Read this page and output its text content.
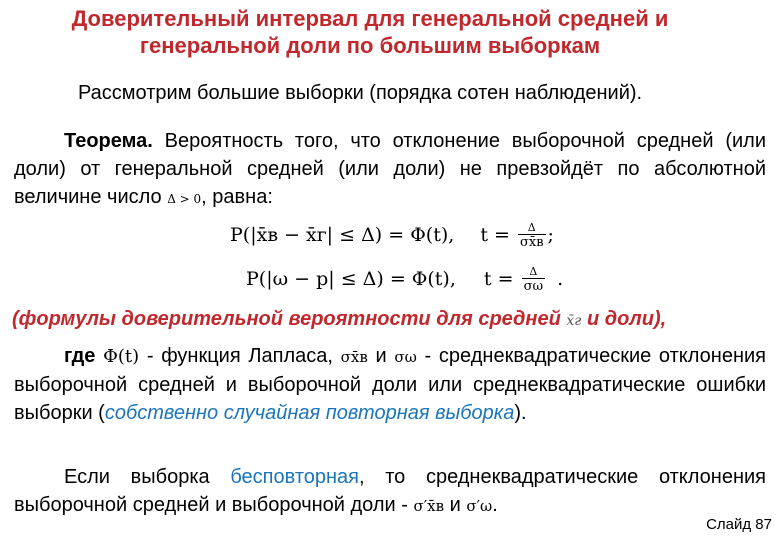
Доверительный интервал для генеральной средней и
генеральной доли по большим выборкам
Рассмотрим большие выборки (порядка сотен наблюдений).
Теорема. Вероятность того, что отклонение выборочной средней (или доли) от генеральной средней (или доли) не превзойдёт по абсолютной величине число Δ > 0, равна:
P(|x̄в − x̄г| ≤ Δ) = Φ(t), $t = \frac{\Delta}{\sigma x̄в}$ ;
P(|ω − p| ≤ Δ) = Φ(t), $t = \frac{\Delta}{\sigma\omega}$ .
(формулы доверительной вероятности для средней x̄г и доли),
где Φ(t) - функция Лапласа, σx̄в и σω - среднеквадратические отклонения выборочной средней и выборочной доли или среднеквадратические ошибки выборки (собственно случайная повторная выборка).
Если выборка бесповторная, то среднеквадратические отклонения выборочной средней и выборочной доли - σ′x̄в и σ′ω.
Слайд 87
